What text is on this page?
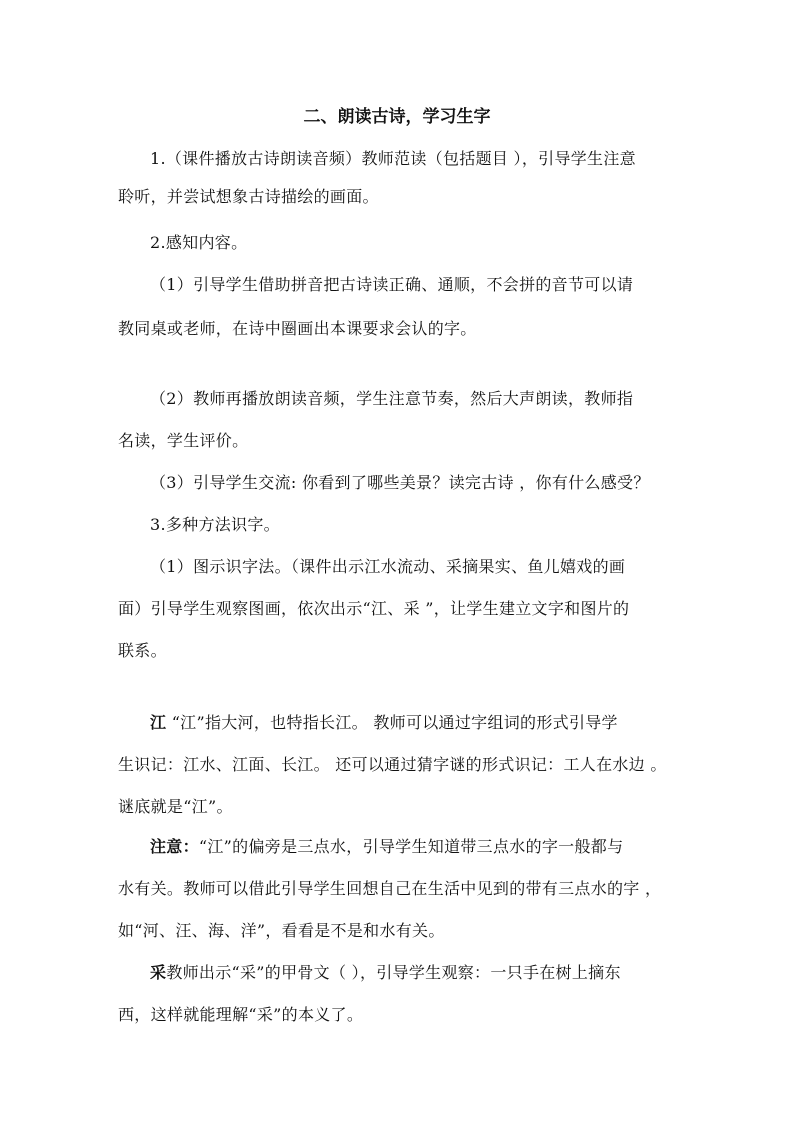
二、朗读古诗，学习生字
1.（课件播放古诗朗读音频）教师范读（包括题目 ），引导学生注意
聆听，并尝试想象古诗描绘的画面。
2.感知内容。
（1）引导学生借助拼音把古诗读正确、通顺，不会拼的音节可以请
教同桌或老师，在诗中圈画出本课要求会认的字。
（2）教师再播放朗读音频，学生注意节奏，然后大声朗读，教师指
名读，学生评价。
（3）引导学生交流: 你看到了哪些美景？读完古诗 ，你有什么感受？
3.多种方法识字。
（1）图示识字法。（课件出示江水流动、采摘果实、鱼儿嬉戏的画
面）引导学生观察图画，依次出示“江、采 ”，让学生建立文字和图片的
联系。
江 “江”指大河，也特指长江。 教师可以通过字组词的形式引导学
生识记：江水、江面、长江。 还可以通过猜字谜的形式识记：工人在水边 。
谜底就是“江”。
注意：“江”的偏旁是三点水，引导学生知道带三点水的字一般都与
水有关。教师可以借此引导学生回想自己在生活中见到的带有三点水的字 ，
如“河、汪、海、洋”，看看是不是和水有关。
采教师出示“采”的甲骨文（ ），引导学生观察：一只手在树上摘东
西，这样就能理解“采”的本义了。
